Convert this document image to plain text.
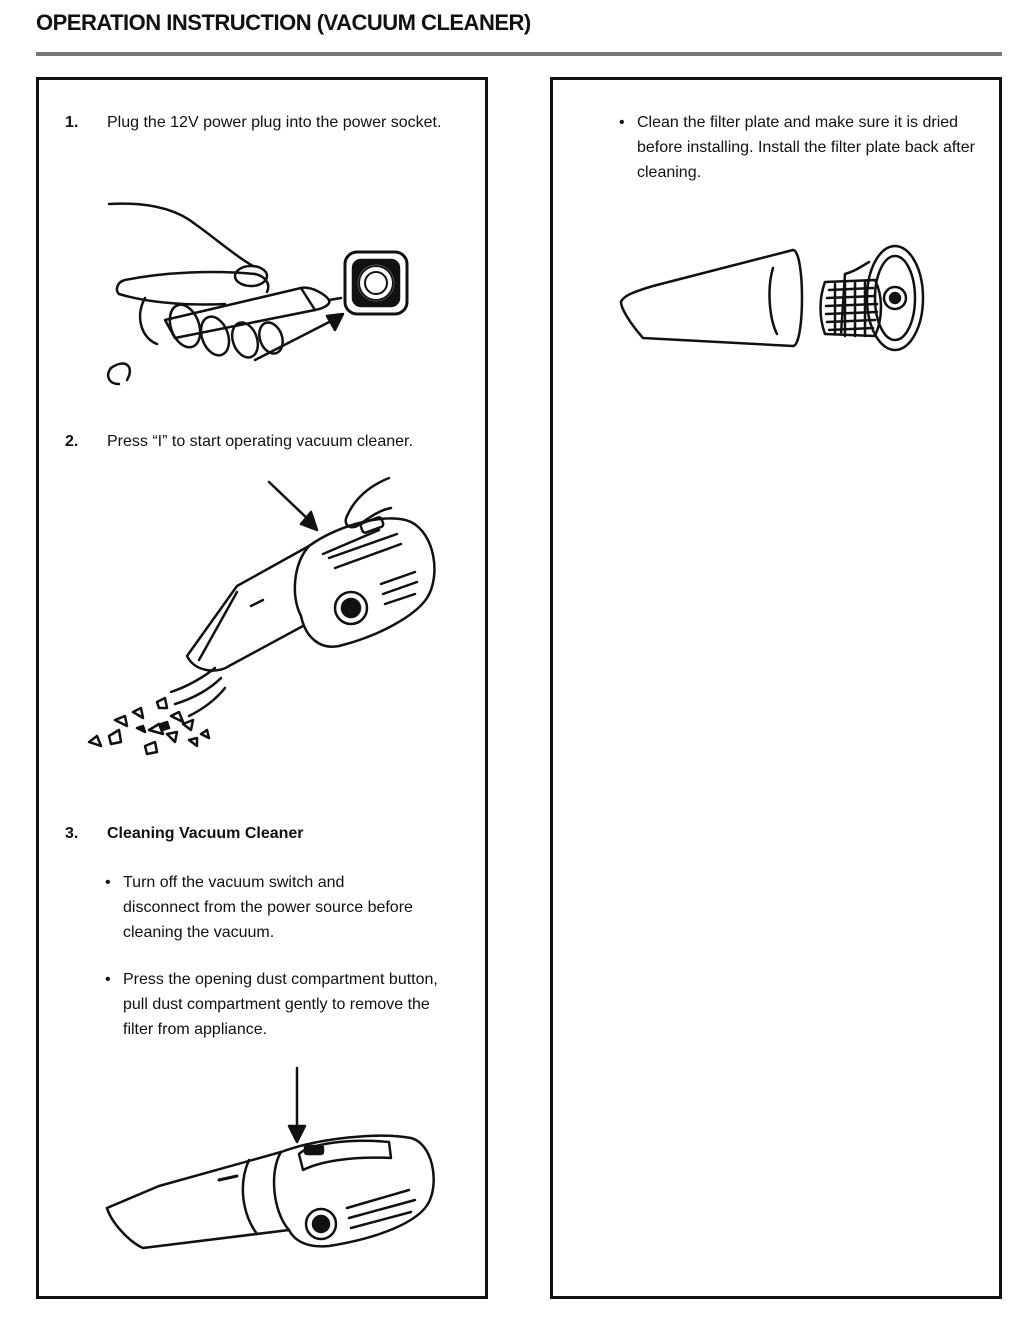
OPERATION INSTRUCTION (VACUUM CLEANER)
1. Plug the 12V power plug into the power socket.
2. Press “I” to start operating vacuum cleaner.
3. Cleaning Vacuum Cleaner
• Turn off the vacuum switch and disconnect from the power source before cleaning the vacuum.
• Press the opening dust compartment button, pull dust compartment gently to remove the filter from appliance.
• Clean the filter plate and make sure it is dried before installing. Install the filter plate back after cleaning.
